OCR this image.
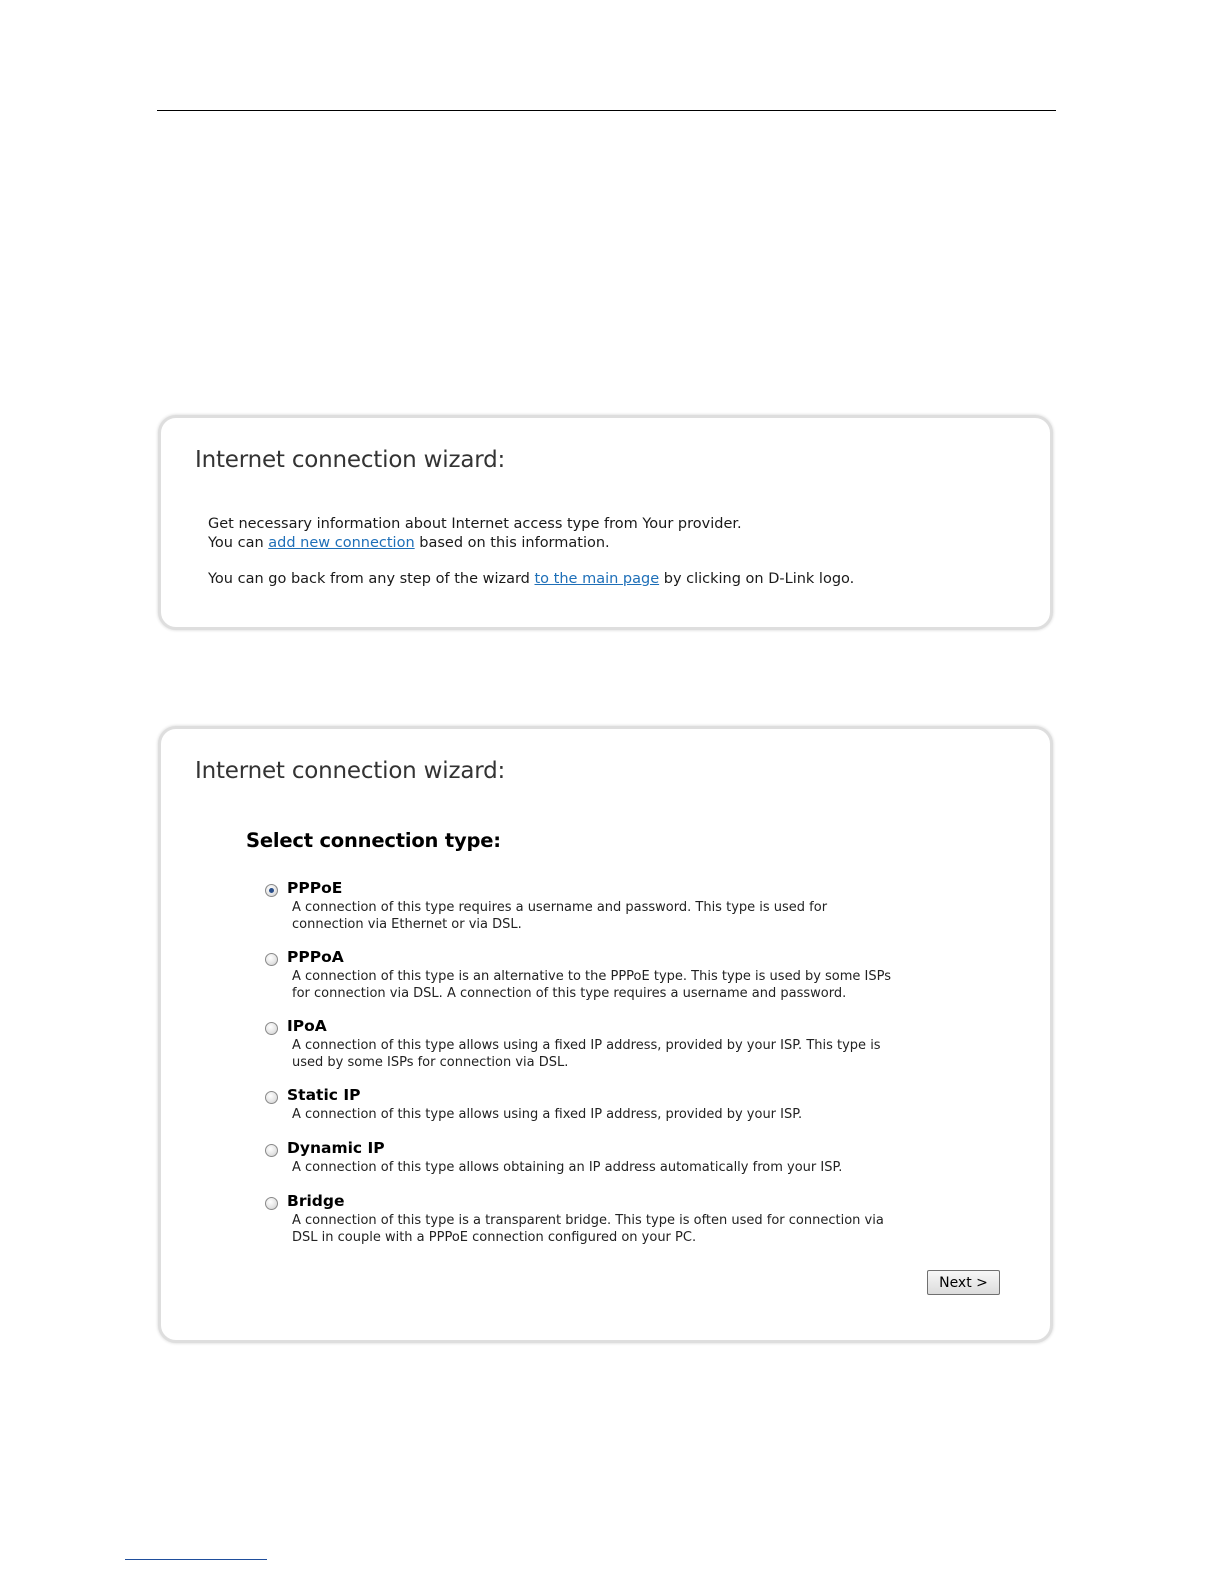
Internet connection wizard:
Get necessary information about Internet access type from Your provider.
You can add new connection based on this information.
You can go back from any step of the wizard to the main page by clicking on D-Link logo.
Internet connection wizard:
Select connection type:
PPPoE
A connection of this type requires a username and password. This type is used for connection via Ethernet or via DSL.
PPPoA
A connection of this type is an alternative to the PPPoE type. This type is used by some ISPs for connection via DSL. A connection of this type requires a username and password.
IPoA
A connection of this type allows using a fixed IP address, provided by your ISP. This type is used by some ISPs for connection via DSL.
Static IP
A connection of this type allows using a fixed IP address, provided by your ISP.
Dynamic IP
A connection of this type allows obtaining an IP address automatically from your ISP.
Bridge
A connection of this type is a transparent bridge. This type is often used for connection via DSL in couple with a PPPoE connection configured on your PC.
Next >
